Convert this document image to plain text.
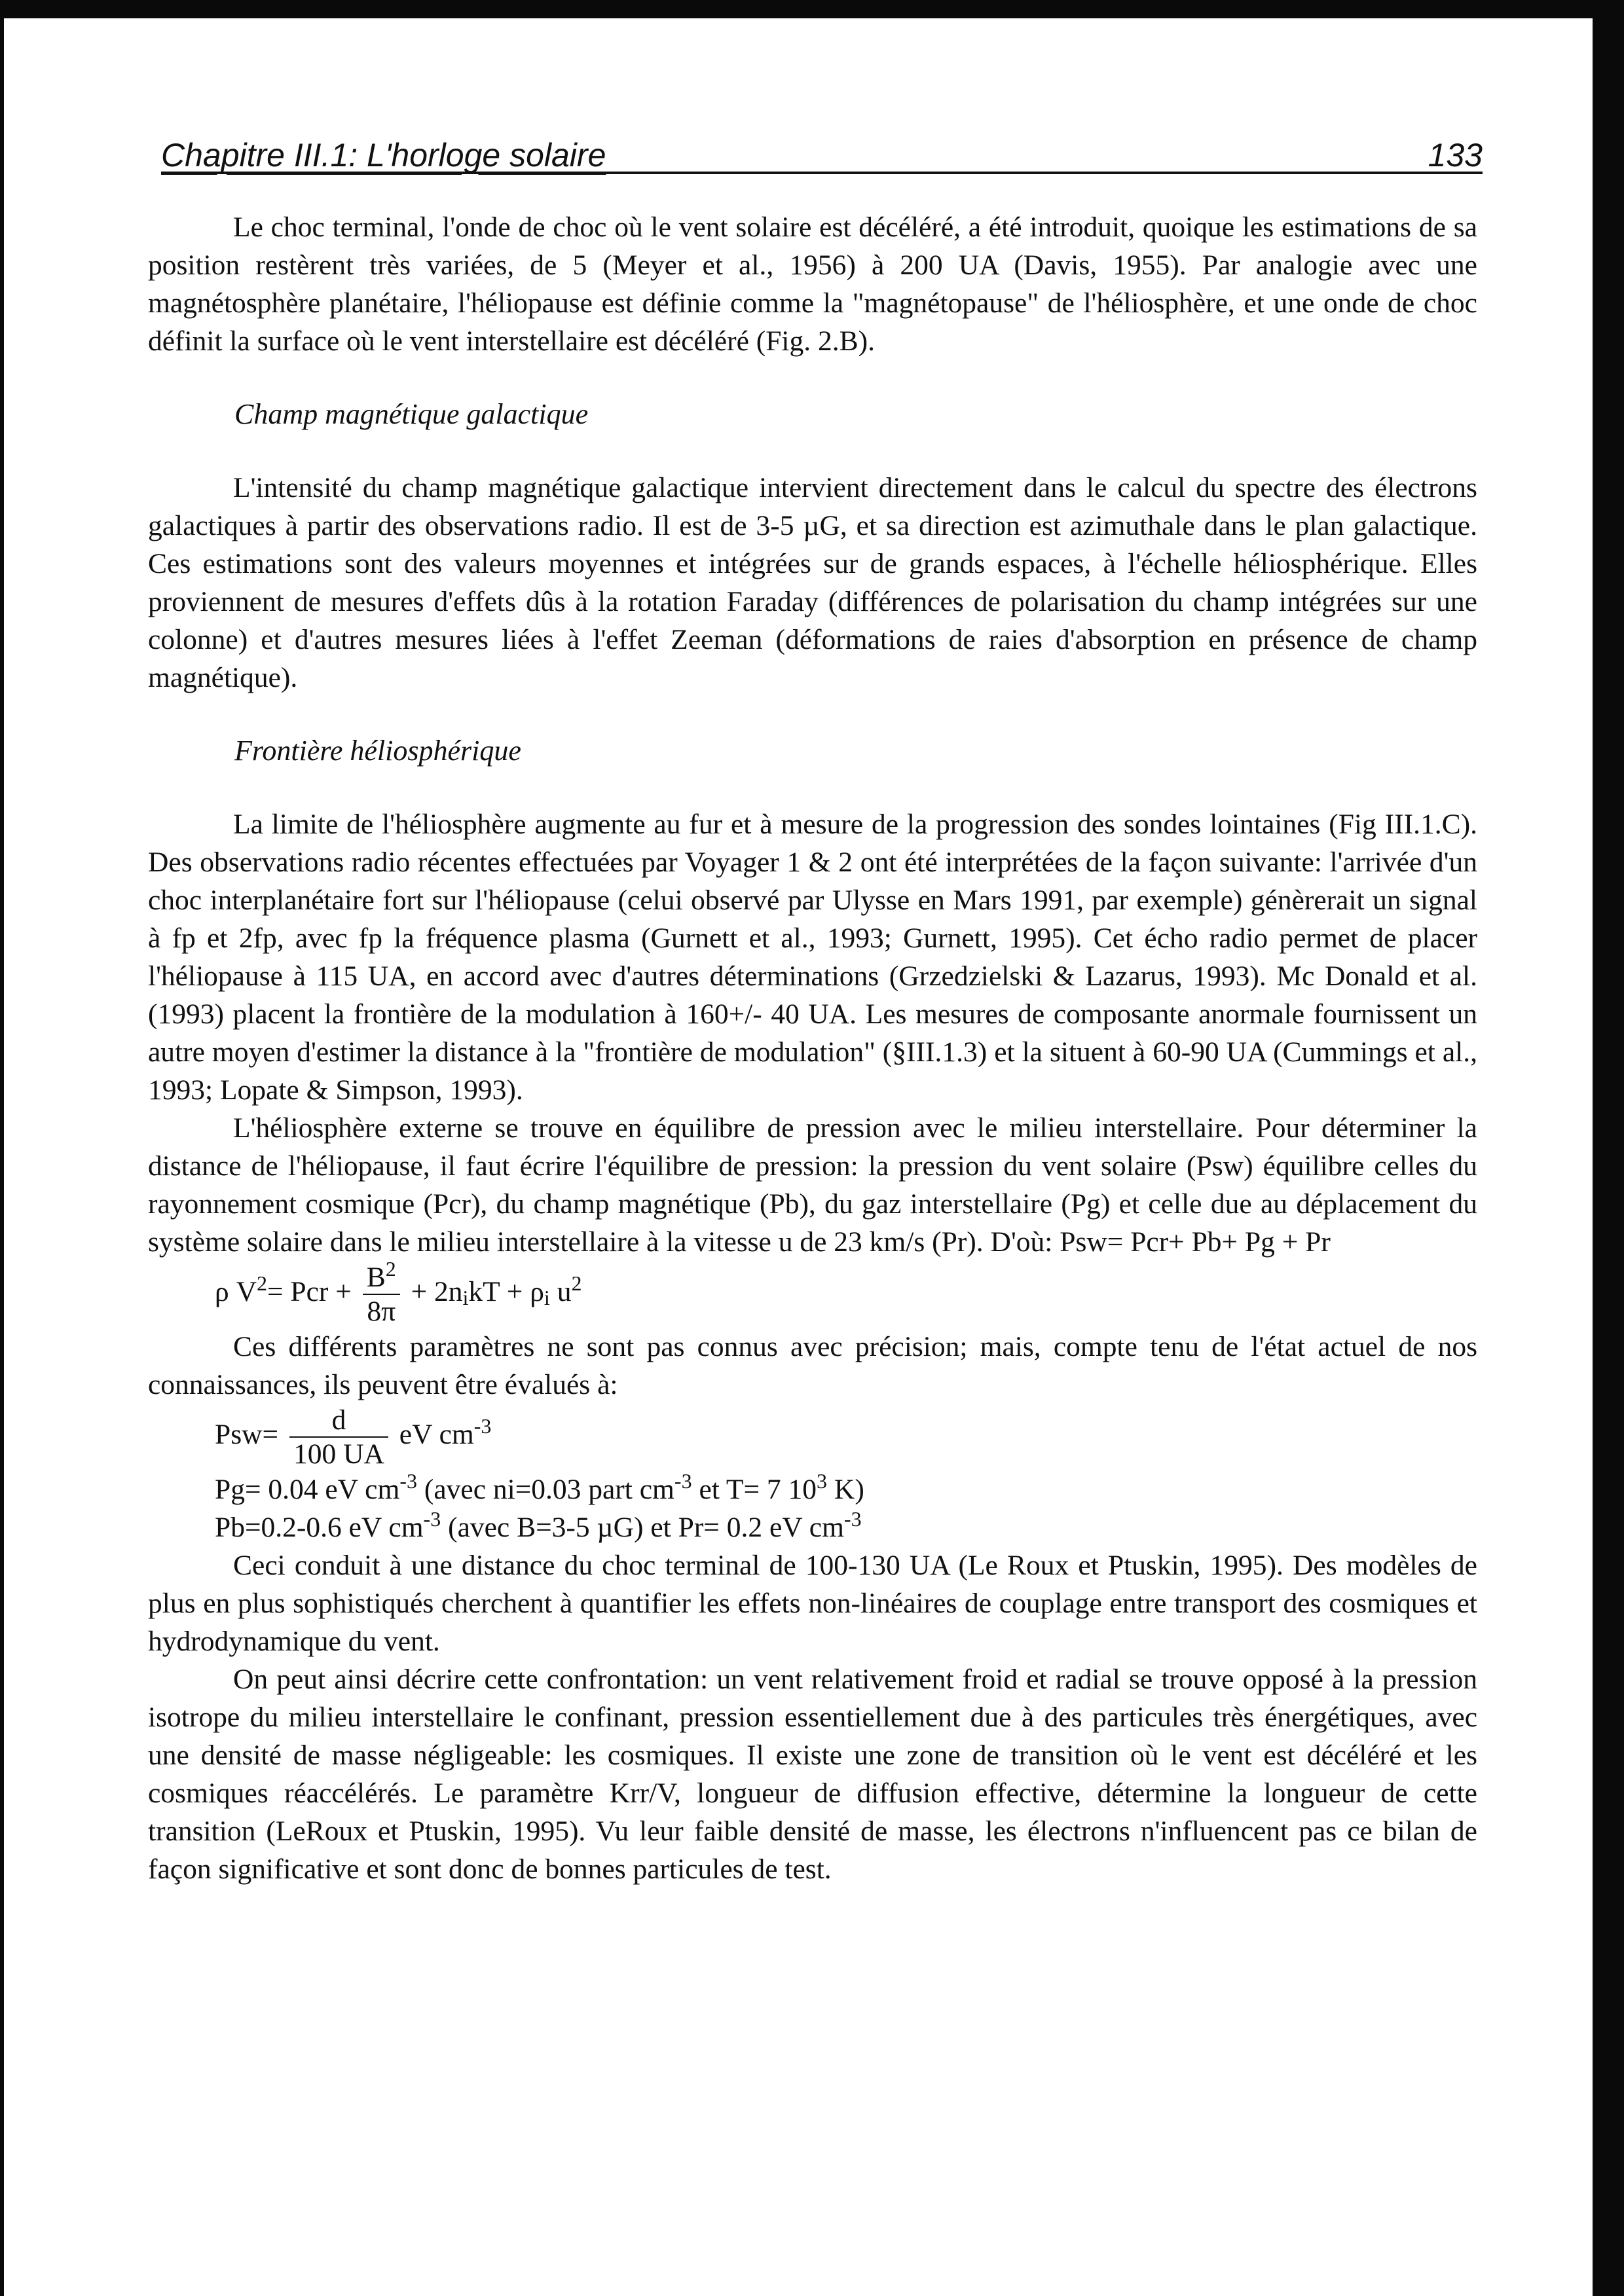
Chapitre III.1: L'horloge solaire	133

Le choc terminal, l'onde de choc où le vent solaire est décéléré, a été introduit, quoique les estimations de sa position restèrent très variées, de 5 (Meyer et al., 1956) à 200 UA (Davis, 1955). Par analogie avec une magnétosphère planétaire, l'héliopause est définie comme la "magnétopause" de l'héliosphère, et une onde de choc définit la surface où le vent interstellaire est décéléré (Fig. 2.B).

Champ magnétique galactique

L'intensité du champ magnétique galactique intervient directement dans le calcul du spectre des électrons galactiques à partir des observations radio. Il est de 3-5 µG, et sa direction est azimuthale dans le plan galactique. Ces estimations sont des valeurs moyennes et intégrées sur de grands espaces, à l'échelle héliosphérique. Elles proviennent de mesures d'effets dûs à la rotation Faraday (différences de polarisation du champ intégrées sur une colonne) et d'autres mesures liées à l'effet Zeeman (déformations de raies d'absorption en présence de champ magnétique).

Frontière héliosphérique

La limite de l'héliosphère augmente au fur et à mesure de la progression des sondes lointaines (Fig III.1.C). Des observations radio récentes effectuées par Voyager 1 & 2 ont été interprétées de la façon suivante: l'arrivée d'un choc interplanétaire fort sur l'héliopause (celui observé par Ulysse en Mars 1991, par exemple) génèrerait un signal à fp et 2fp, avec fp la fréquence plasma (Gurnett et al., 1993; Gurnett, 1995). Cet écho radio permet de placer l'héliopause à 115 UA, en accord avec d'autres déterminations (Grzedzielski & Lazarus, 1993). Mc Donald et al. (1993) placent la frontière de la modulation à 160+/- 40 UA. Les mesures de composante anormale fournissent un autre moyen d'estimer la distance à la "frontière de modulation" (§III.1.3) et la situent à 60-90 UA (Cummings et al., 1993; Lopate & Simpson, 1993).

L'héliosphère externe se trouve en équilibre de pression avec le milieu interstellaire. Pour déterminer la distance de l'héliopause, il faut écrire l'équilibre de pression: la pression du vent solaire (Psw) équilibre celles du rayonnement cosmique (Pcr), du champ magnétique (Pb), du gaz interstellaire (Pg) et celle due au déplacement du système solaire dans le milieu interstellaire à la vitesse u de 23 km/s (Pr). D'où: Psw= Pcr+ Pb+ Pg + Pr

ρ $V^2=$ Pcr + $\frac{B^2}{8\pi} + 2n_ikT + \rho_i$ $u^2$

Ces différents paramètres ne sont pas connus avec précision; mais, compte tenu de l'état actuel de nos connaissances, ils peuvent être évalués à:

$Psw= \frac{d}{100 UA}$ eV $cm^{-3}$

Pg= 0.04 eV $cm^{-3}$ (avec ni=0.03 part $cm^{-3}$ et T= 7 $10^3$ K)

Pb=0.2-0.6 eV $cm^{-3}$ (avec B=3-5 µG) et Pr= 0.2 eV $cm^{-3}$

Ceci conduit à une distance du choc terminal de 100-130 UA (Le Roux et Ptuskin, 1995). Des modèles de plus en plus sophistiqués cherchent à quantifier les effets non-linéaires de couplage entre transport des cosmiques et hydrodynamique du vent.

On peut ainsi décrire cette confrontation: un vent relativement froid et radial se trouve opposé à la pression isotrope du milieu interstellaire le confinant, pression essentiellement due à des particules très énergétiques, avec une densité de masse négligeable: les cosmiques. Il existe une zone de transition où le vent est décéléré et les cosmiques réaccélérés. Le paramètre Krr/V, longueur de diffusion effective, détermine la longueur de cette transition (LeRoux et Ptuskin, 1995). Vu leur faible densité de masse, les électrons n'influencent pas ce bilan de façon significative et sont donc de bonnes particules de test.
